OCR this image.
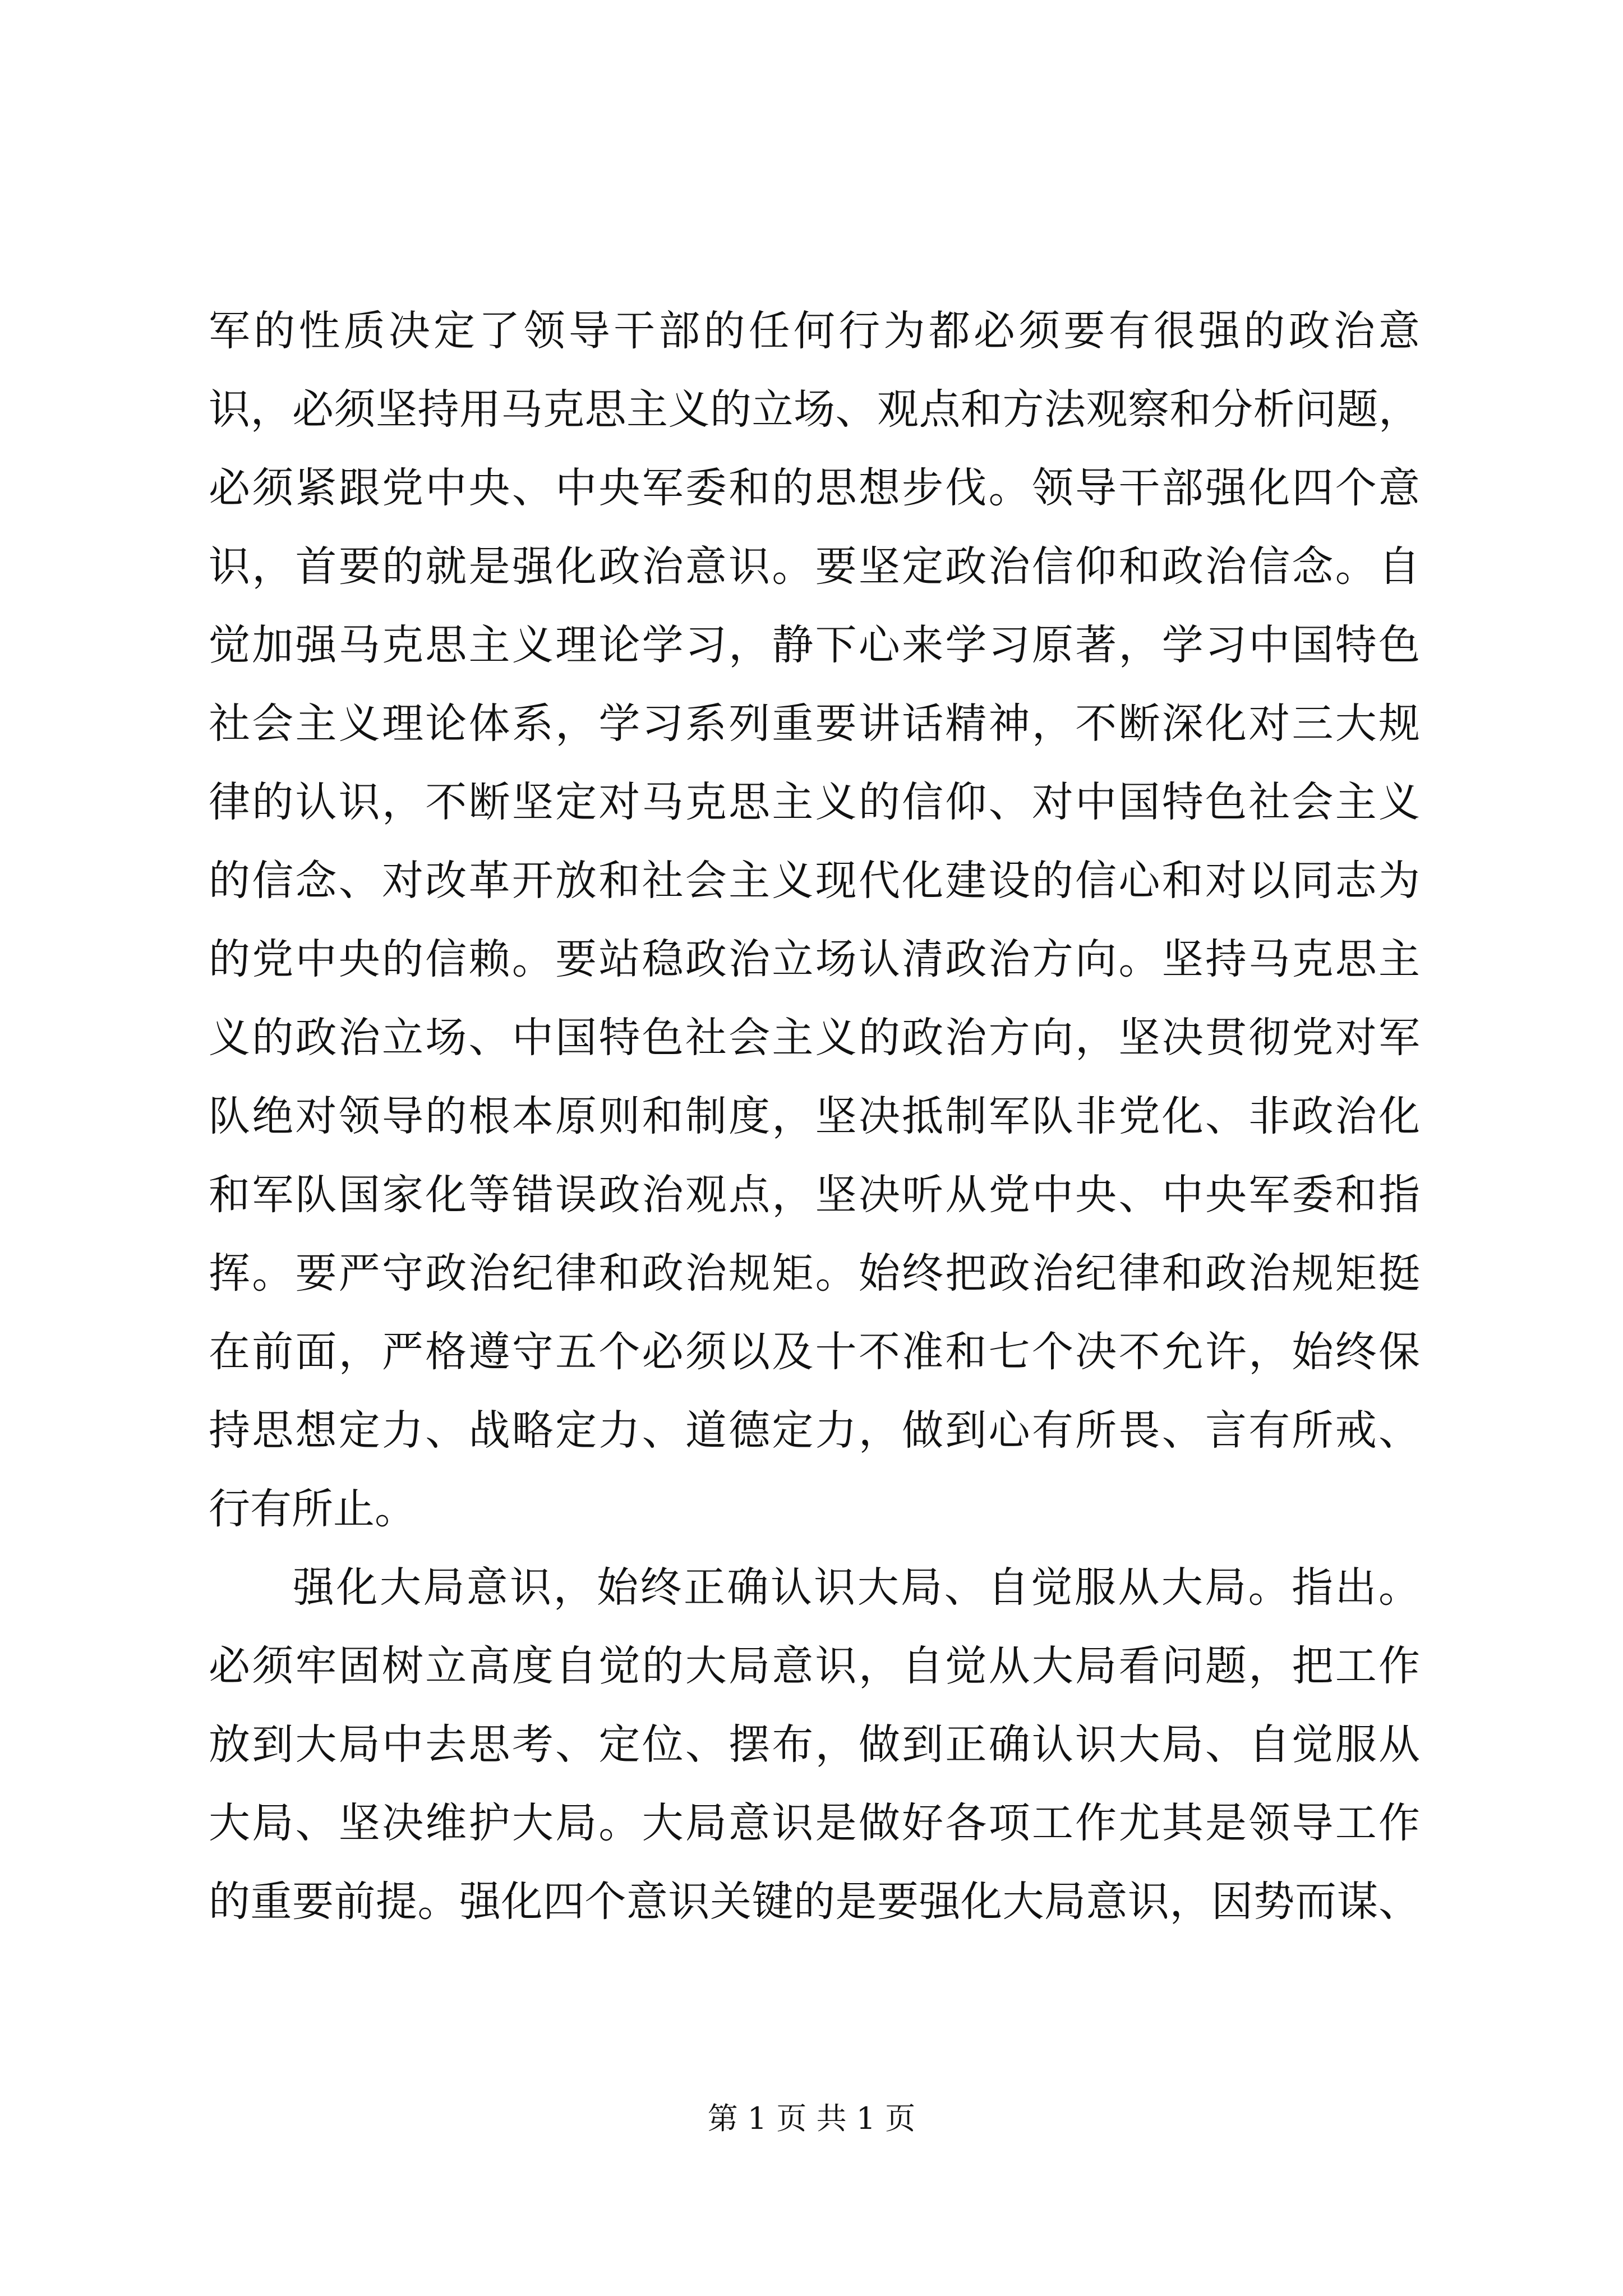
军的性质决定了领导干部的任何行为都必须要有很强的政治意
识，必须坚持用马克思主义的立场、观点和方法观察和分析问题，
必须紧跟党中央、中央军委和的思想步伐。领导干部强化四个意
识，首要的就是强化政治意识。要坚定政治信仰和政治信念。自
觉加强马克思主义理论学习，静下心来学习原著，学习中国特色
社会主义理论体系，学习系列重要讲话精神，不断深化对三大规
律的认识，不断坚定对马克思主义的信仰、对中国特色社会主义
的信念、对改革开放和社会主义现代化建设的信心和对以同志为
的党中央的信赖。要站稳政治立场认清政治方向。坚持马克思主
义的政治立场、中国特色社会主义的政治方向，坚决贯彻党对军
队绝对领导的根本原则和制度，坚决抵制军队非党化、非政治化
和军队国家化等错误政治观点，坚决听从党中央、中央军委和指
挥。要严守政治纪律和政治规矩。始终把政治纪律和政治规矩挺
在前面，严格遵守五个必须以及十不准和七个决不允许，始终保
持思想定力、战略定力、道德定力，做到心有所畏、言有所戒、
行有所止。
强化大局意识，始终正确认识大局、自觉服从大局。指出。
必须牢固树立高度自觉的大局意识，自觉从大局看问题，把工作
放到大局中去思考、定位、摆布，做到正确认识大局、自觉服从
大局、坚决维护大局。大局意识是做好各项工作尤其是领导工作
的重要前提。强化四个意识关键的是要强化大局意识，因势而谋、
第 1 页 共 1 页
